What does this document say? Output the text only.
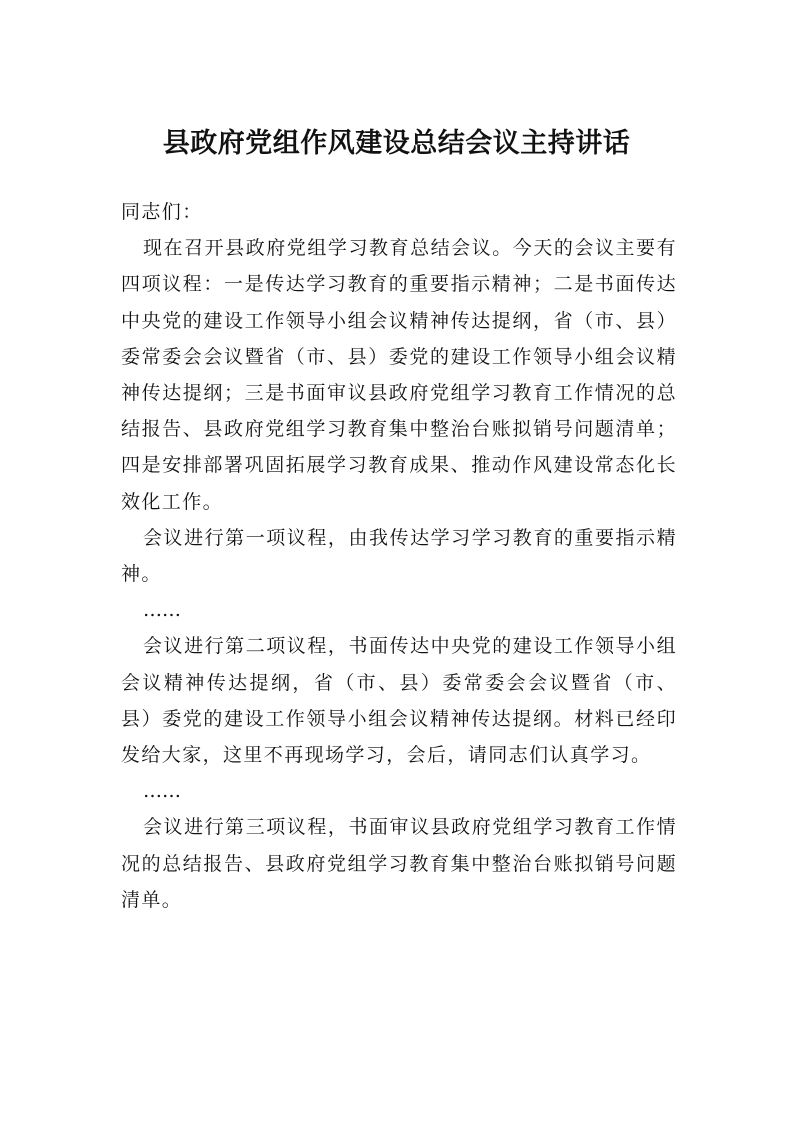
县政府党组作风建设总结会议主持讲话

同志们：

现在召开县政府党组学习教育总结会议。今天的会议主要有四项议程：一是传达学习教育的重要指示精神；二是书面传达中央党的建设工作领导小组会议精神传达提纲，省（市、县）委常委会会议暨省（市、县）委党的建设工作领导小组会议精神传达提纲；三是书面审议县政府党组学习教育工作情况的总结报告、县政府党组学习教育集中整治台账拟销号问题清单；四是安排部署巩固拓展学习教育成果、推动作风建设常态化长效化工作。

会议进行第一项议程，由我传达学习学习教育的重要指示精神。

……

会议进行第二项议程，书面传达中央党的建设工作领导小组会议精神传达提纲，省（市、县）委常委会会议暨省（市、县）委党的建设工作领导小组会议精神传达提纲。材料已经印发给大家，这里不再现场学习，会后，请同志们认真学习。

……

会议进行第三项议程，书面审议县政府党组学习教育工作情况的总结报告、县政府党组学习教育集中整治台账拟销号问题清单。
